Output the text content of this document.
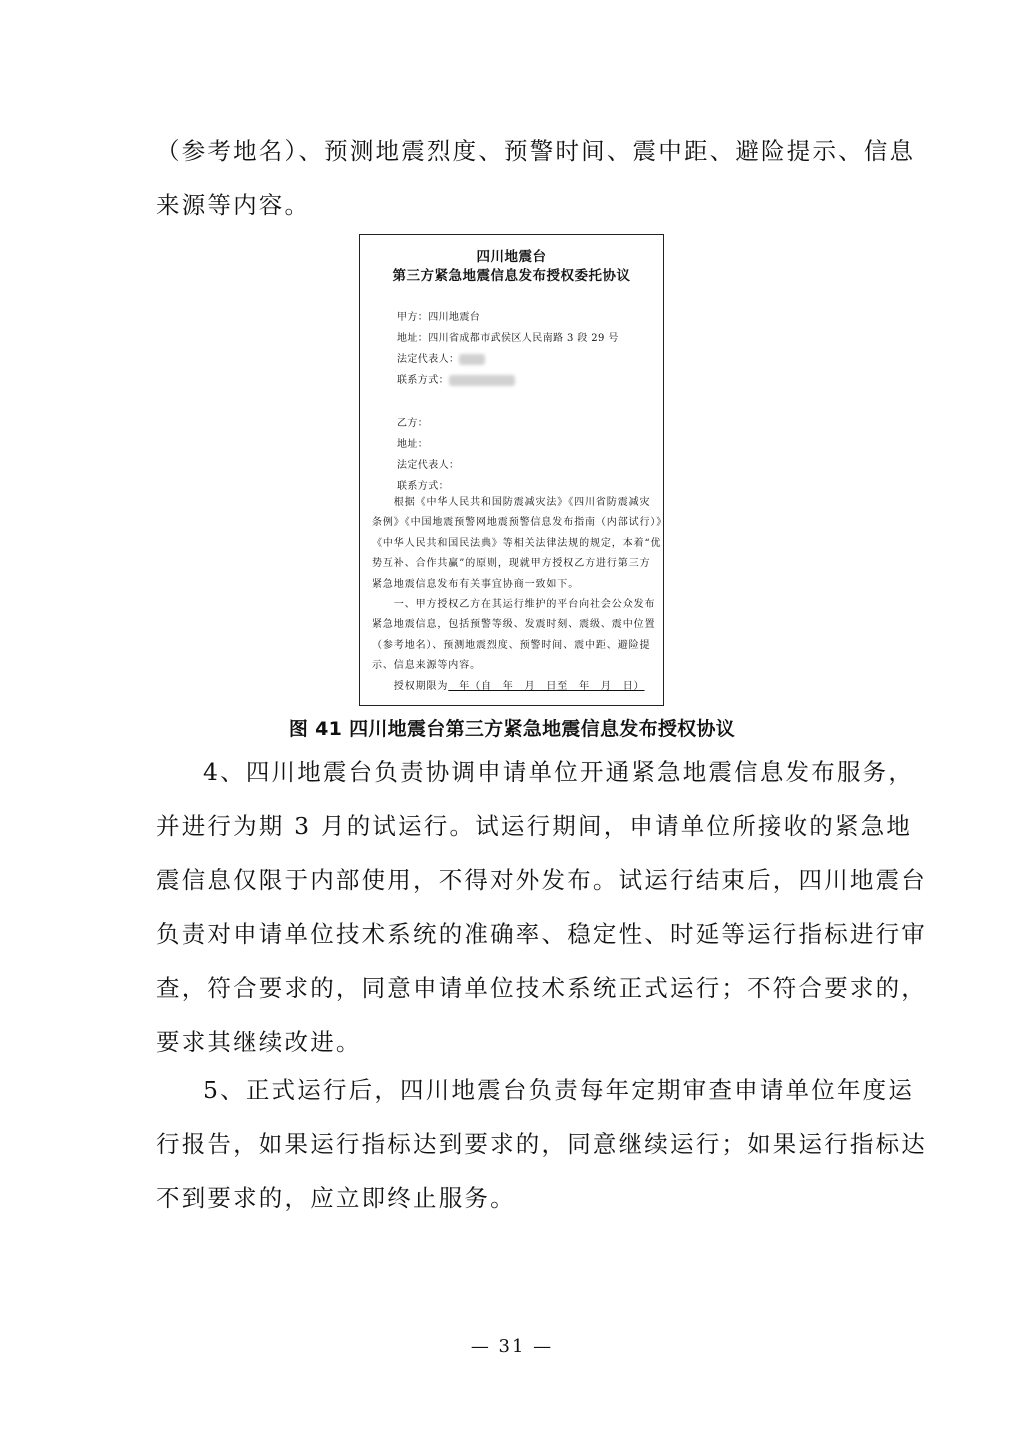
（参考地名）、预测地震烈度、预警时间、震中距、避险提示、信息
来源等内容。
四川地震台
第三方紧急地震信息发布授权委托协议
甲方：四川地震台
地址：四川省成都市武侯区人民南路 3 段 29 号
法定代表人：
联系方式：
乙方：
地址：
法定代表人：
联系方式：
　　根据《中华人民共和国防震减灾法》《四川省防震减灾
条例》《中国地震预警网地震预警信息发布指南（内部试行）》
《中华人民共和国民法典》等相关法律法规的规定，本着“优
势互补、合作共赢”的原则，现就甲方授权乙方进行第三方
紧急地震信息发布有关事宜协商一致如下。
　　一、甲方授权乙方在其运行维护的平台向社会公众发布
紧急地震信息，包括预警等级、发震时刻、震级、震中位置
（参考地名）、预测地震烈度、预警时间、震中距、避险提
示、信息来源等内容。
　　授权期限为　年（自　年　月　日至　年　月　日）
图 41 四川地震台第三方紧急地震信息发布授权协议
4、四川地震台负责协调申请单位开通紧急地震信息发布服务，
并进行为期 3 月的试运行。试运行期间，申请单位所接收的紧急地
震信息仅限于内部使用，不得对外发布。试运行结束后，四川地震台
负责对申请单位技术系统的准确率、稳定性、时延等运行指标进行审
查，符合要求的，同意申请单位技术系统正式运行；不符合要求的，
要求其继续改进。
5、正式运行后，四川地震台负责每年定期审查申请单位年度运
行报告，如果运行指标达到要求的，同意继续运行；如果运行指标达
不到要求的，应立即终止服务。
— 31 —
